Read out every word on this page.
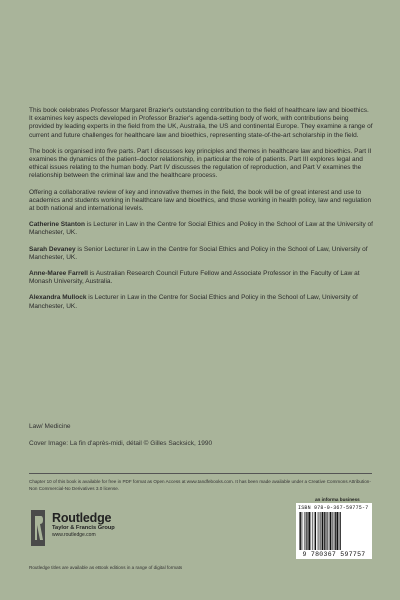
This book celebrates Professor Margaret Brazier's outstanding contribution to the field of healthcare law and bioethics. It examines key aspects developed in Professor Brazier's agenda-setting body of work, with contributions being provided by leading experts in the field from the UK, Australia, the US and continental Europe. They examine a range of current and future challenges for healthcare law and bioethics, representing state-of-the-art scholarship in the field.

The book is organised into five parts. Part I discusses key principles and themes in healthcare law and bioethics. Part II examines the dynamics of the patient–doctor relationship, in particular the role of patients. Part III explores legal and ethical issues relating to the human body. Part IV discusses the regulation of reproduction, and Part V examines the relationship between the criminal law and the healthcare process.

Offering a collaborative review of key and innovative themes in the field, the book will be of great interest and use to academics and students working in healthcare law and bioethics, and those working in health policy, law and regulation at both national and international levels.

Catherine Stanton is Lecturer in Law in the Centre for Social Ethics and Policy in the School of Law at the University of Manchester, UK.

Sarah Devaney is Senior Lecturer in Law in the Centre for Social Ethics and Policy in the School of Law, University of Manchester, UK.

Anne-Maree Farrell is Australian Research Council Future Fellow and Associate Professor in the Faculty of Law at Monash University, Australia.

Alexandra Mullock is Lecturer in Law in the Centre for Social Ethics and Policy in the School of Law, University of Manchester, UK.

Law/ Medicine
Cover Image: La fin d'après-midi, détail © Gilles Sacksick, 1990
Chapter 10 of this book is available for free in PDF format as Open Access at www.tandfebooks.com. It has been made available under a Creative Commons Attribution-Non Commercial-No Derivatives 3.0 license.
an informa business
ISBN 978-0-367-59775-7
9 780367 597757
Routledge
Taylor & Francis Group
www.routledge.com
Routledge titles are available as eBook editions in a range of digital formats
